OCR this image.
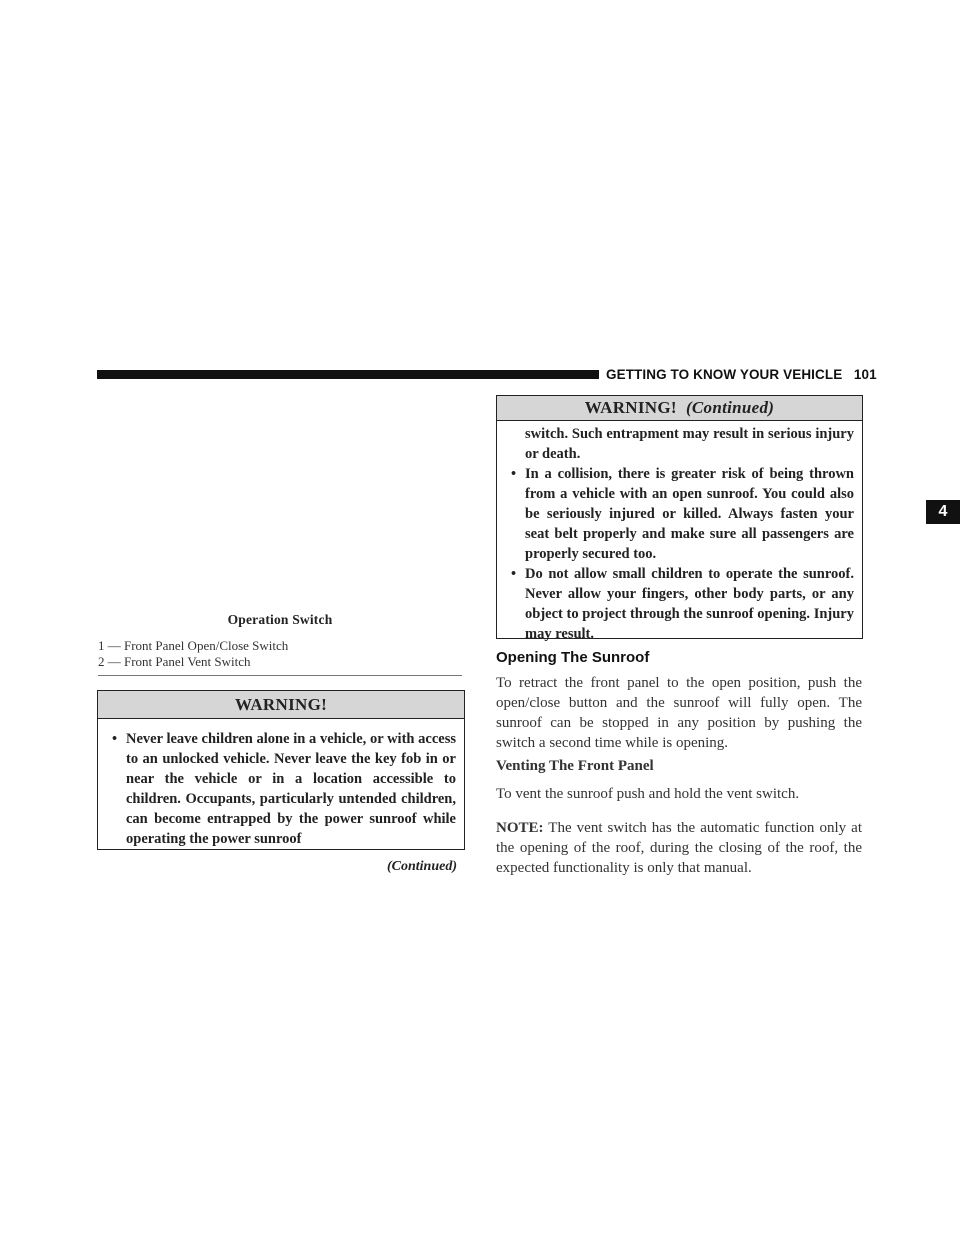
GETTING TO KNOW YOUR VEHICLE 101
4
Operation Switch
1 — Front Panel Open/Close Switch
2 — Front Panel Vent Switch
WARNING!

• Never leave children alone in a vehicle, or with access to an unlocked vehicle. Never leave the key fob in or near the vehicle or in a location accessible to children. Occupants, particularly untended children, can become entrapped by the power sunroof while operating the power sunroof

(Continued)
WARNING! (Continued)

switch. Such entrapment may result in serious injury or death.

• In a collision, there is greater risk of being thrown from a vehicle with an open sunroof. You could also be seriously injured or killed. Always fasten your seat belt properly and make sure all passengers are properly secured too.

• Do not allow small children to operate the sunroof. Never allow your fingers, other body parts, or any object to project through the sunroof opening. Injury may result.

Opening The Sunroof

To retract the front panel to the open position, push the open/close button and the sunroof will fully open. The sunroof can be stopped in any position by pushing the switch a second time while is opening.

Venting The Front Panel

To vent the sunroof push and hold the vent switch.

NOTE: The vent switch has the automatic function only at the opening of the roof, during the closing of the roof, the expected functionality is only that manual.
